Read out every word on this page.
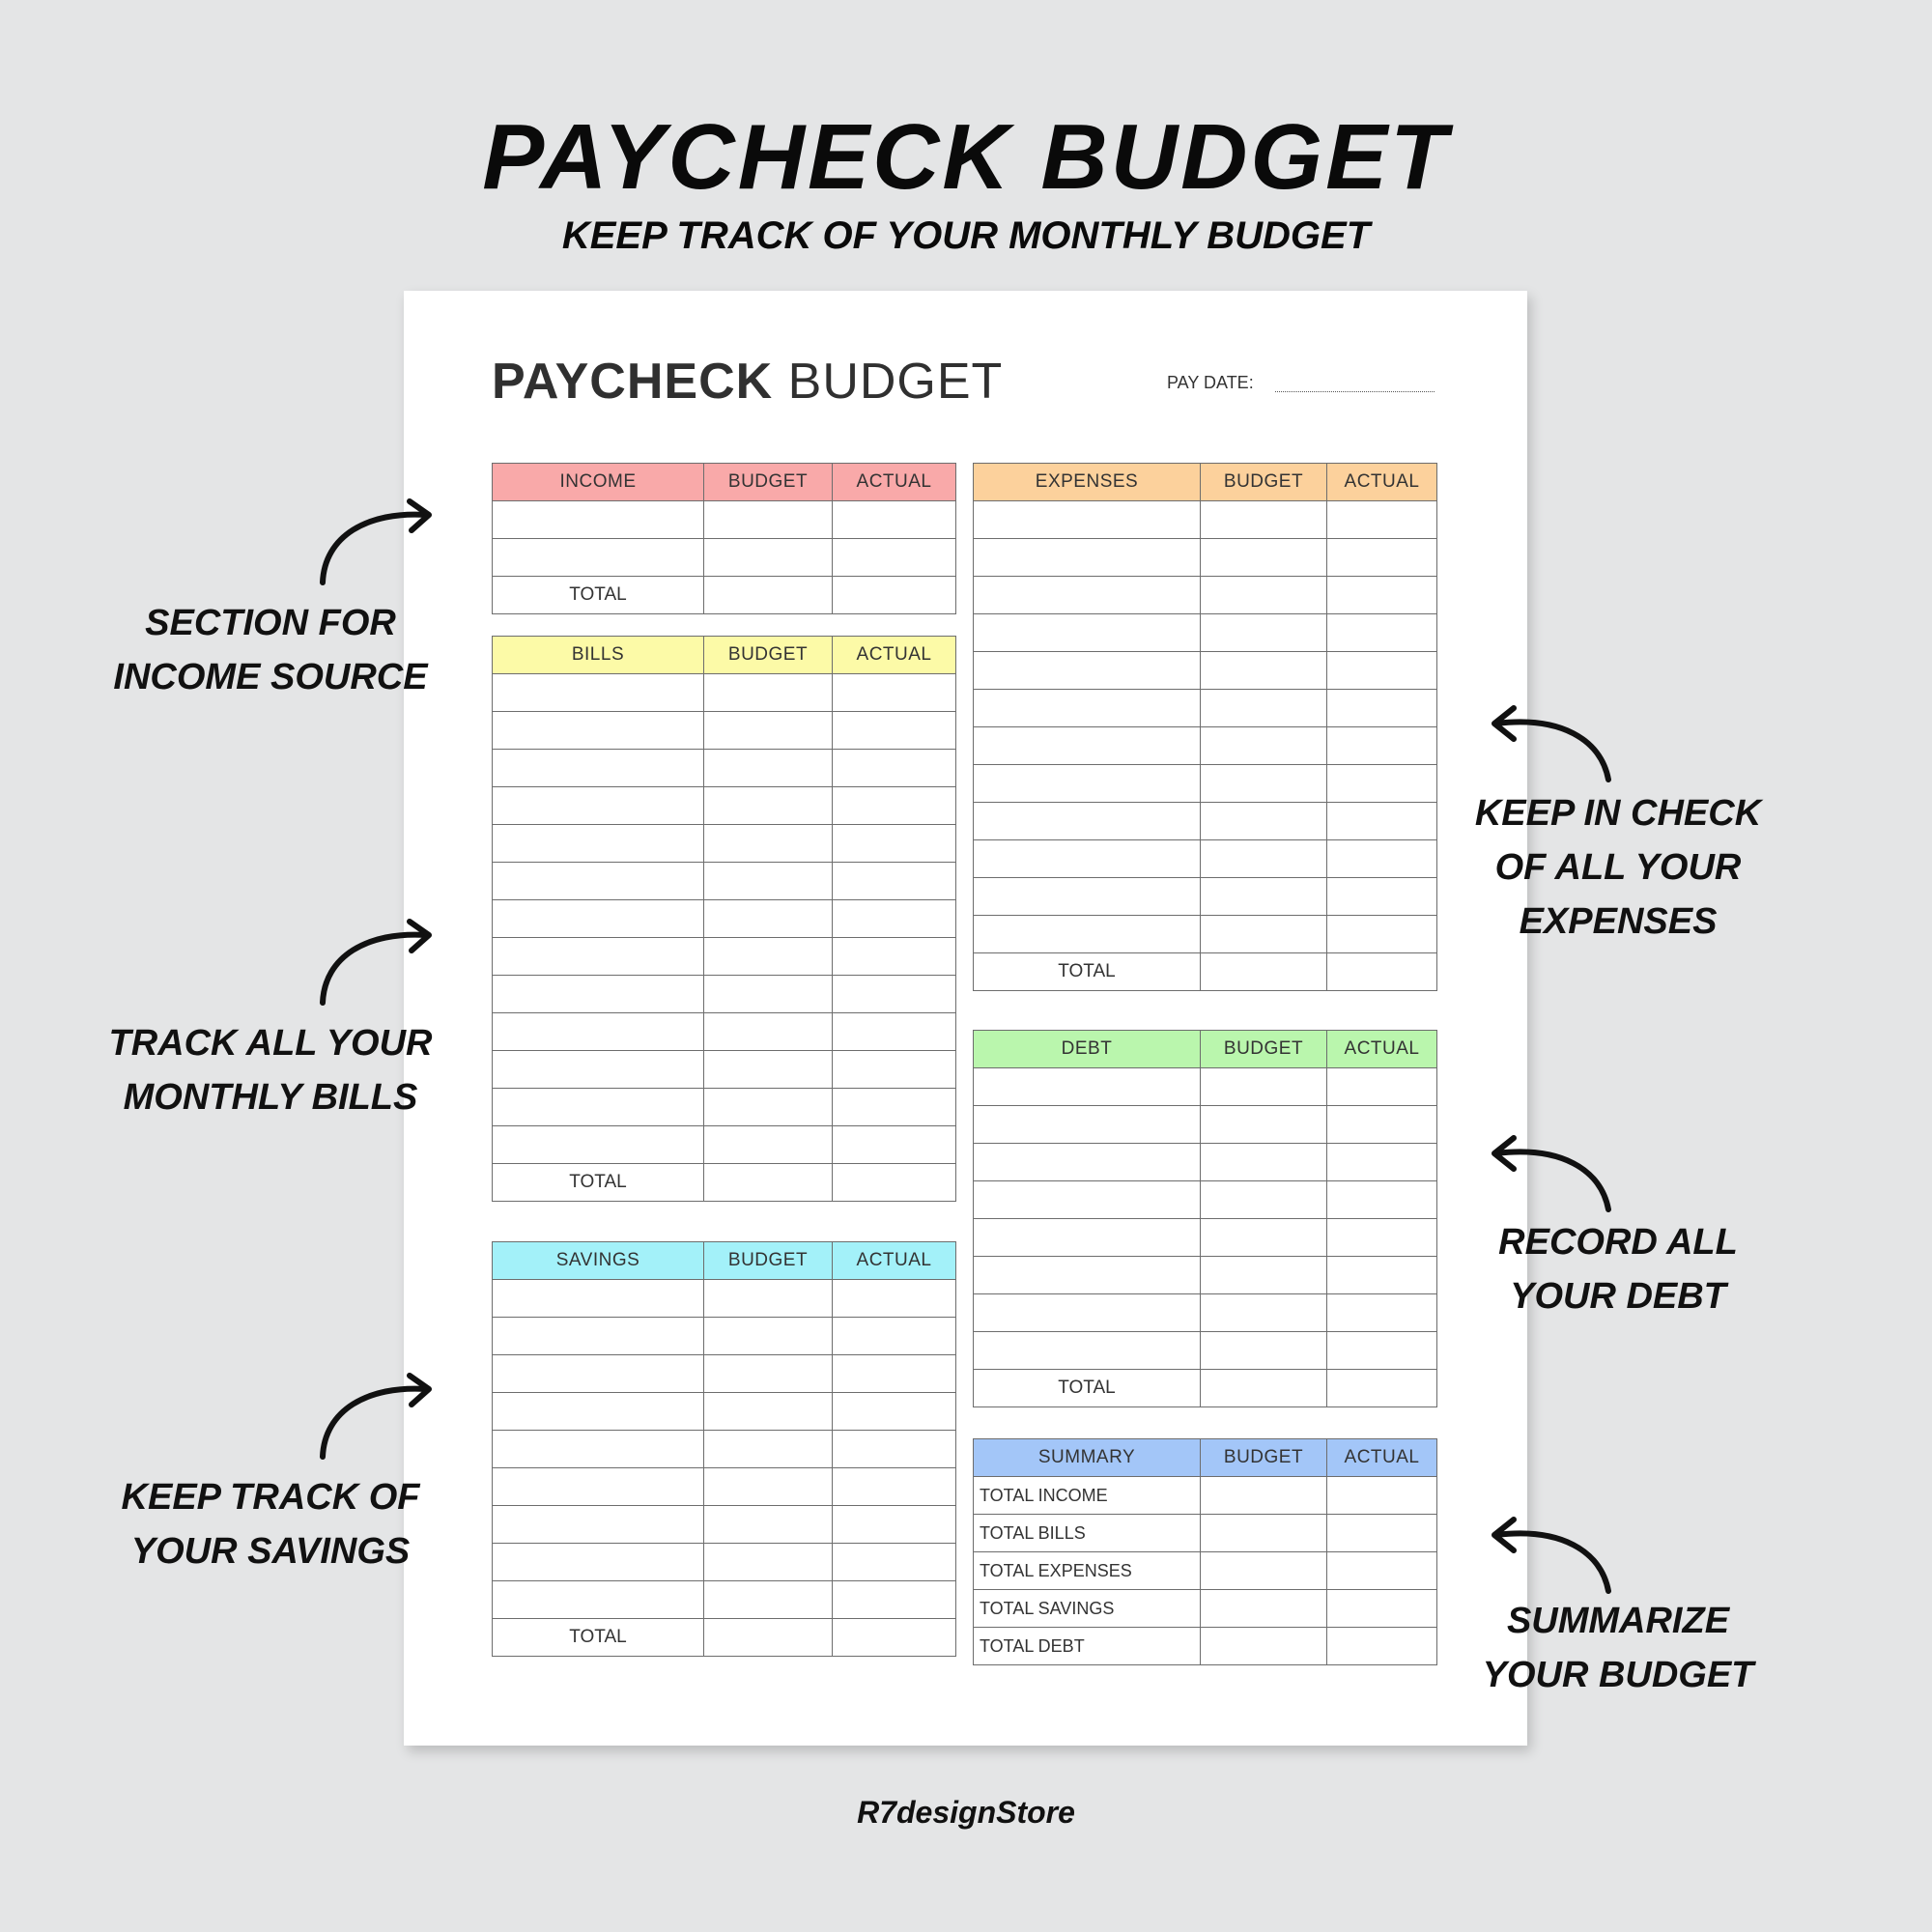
PAYCHECK BUDGET
KEEP TRACK OF YOUR MONTHLY BUDGET
PAYCHECK BUDGET	PAY DATE:
INCOME	BUDGET	ACTUAL

TOTAL		
BILLS	BUDGET	ACTUAL

TOTAL		
SAVINGS	BUDGET	ACTUAL

TOTAL		
EXPENSES	BUDGET	ACTUAL

TOTAL		
DEBT	BUDGET	ACTUAL

TOTAL		
SUMMARY	BUDGET	ACTUAL
TOTAL INCOME		
TOTAL BILLS		
TOTAL EXPENSES		
TOTAL SAVINGS		
TOTAL DEBT		
SECTION FOR
INCOME SOURCE
TRACK ALL YOUR
MONTHLY BILLS
KEEP TRACK OF
YOUR SAVINGS
KEEP IN CHECK
OF ALL YOUR
EXPENSES
RECORD ALL
YOUR DEBT
SUMMARIZE
YOUR BUDGET
R7designStore
